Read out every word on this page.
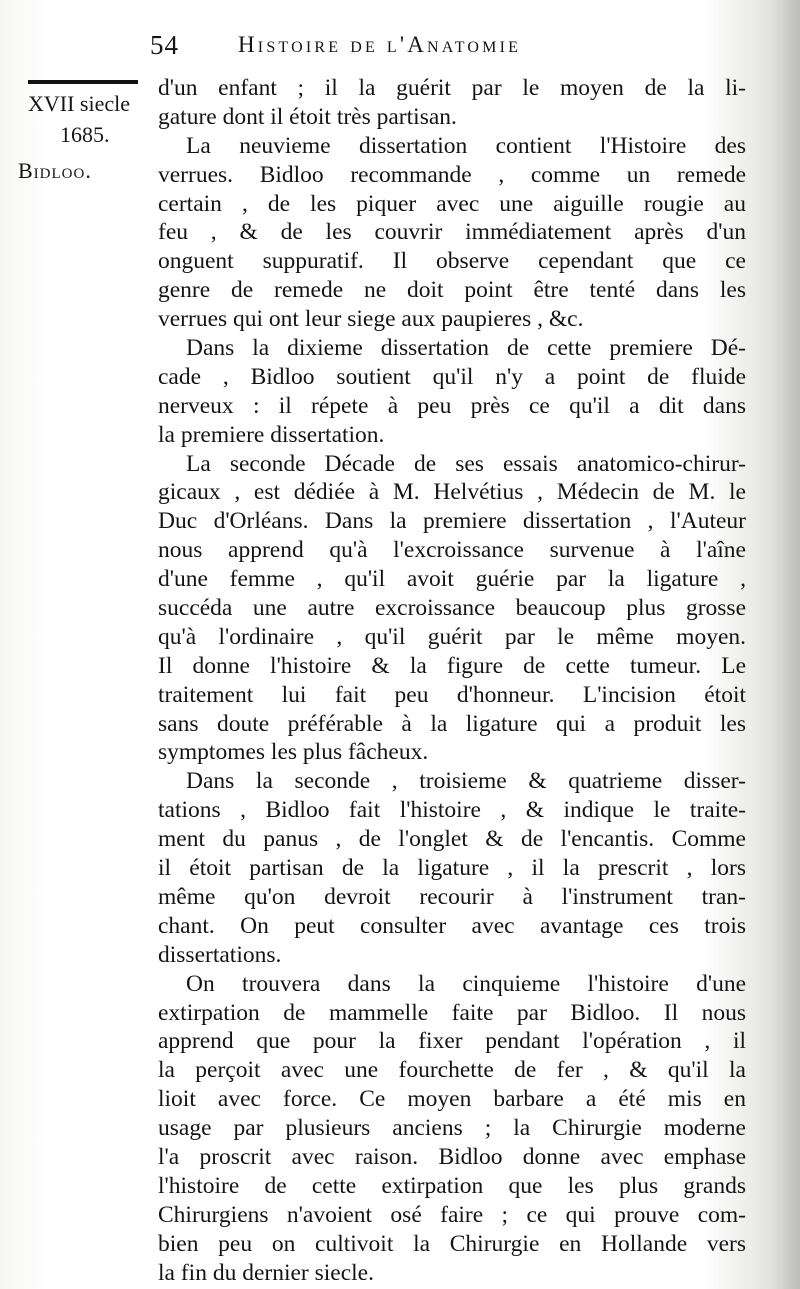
54	Histoire de l'Anatomie
XVII siecle
1685.
Bidloo.
d'un enfant ; il la guérit par le moyen de la li-
gature dont il étoit très partisan.
La neuvieme dissertation contient l'Histoire des
verrues. Bidloo recommande , comme un remede
certain , de les piquer avec une aiguille rougie au
feu , & de les couvrir immédiatement après d'un
onguent suppuratif. Il observe cependant que ce
genre de remede ne doit point être tenté dans les
verrues qui ont leur siege aux paupieres , &c.
Dans la dixieme dissertation de cette premiere Dé-
cade , Bidloo soutient qu'il n'y a point de fluide
nerveux : il répete à peu près ce qu'il a dit dans
la premiere dissertation.
La seconde Décade de ses essais anatomico-chirur-
gicaux , est dédiée à M. Helvétius , Médecin de M. le
Duc d'Orléans. Dans la premiere dissertation , l'Auteur
nous apprend qu'à l'excroissance survenue à l'aîne
d'une femme , qu'il avoit guérie par la ligature ,
succéda une autre excroissance beaucoup plus grosse
qu'à l'ordinaire , qu'il guérit par le même moyen.
Il donne l'histoire & la figure de cette tumeur. Le
traitement lui fait peu d'honneur. L'incision étoit
sans doute préférable à la ligature qui a produit les
symptomes les plus fâcheux.
Dans la seconde , troisieme & quatrieme disser-
tations , Bidloo fait l'histoire , & indique le traite-
ment du panus , de l'onglet & de l'encantis. Comme
il étoit partisan de la ligature , il la prescrit , lors
même qu'on devroit recourir à l'instrument tran-
chant. On peut consulter avec avantage ces trois
dissertations.
On trouvera dans la cinquieme l'histoire d'une
extirpation de mammelle faite par Bidloo. Il nous
apprend que pour la fixer pendant l'opération , il
la perçoit avec une fourchette de fer , & qu'il la
lioit avec force. Ce moyen barbare a été mis en
usage par plusieurs anciens ; la Chirurgie moderne
l'a proscrit avec raison. Bidloo donne avec emphase
l'histoire de cette extirpation que les plus grands
Chirurgiens n'avoient osé faire ; ce qui prouve com-
bien peu on cultivoit la Chirurgie en Hollande vers
la fin du dernier siecle.
